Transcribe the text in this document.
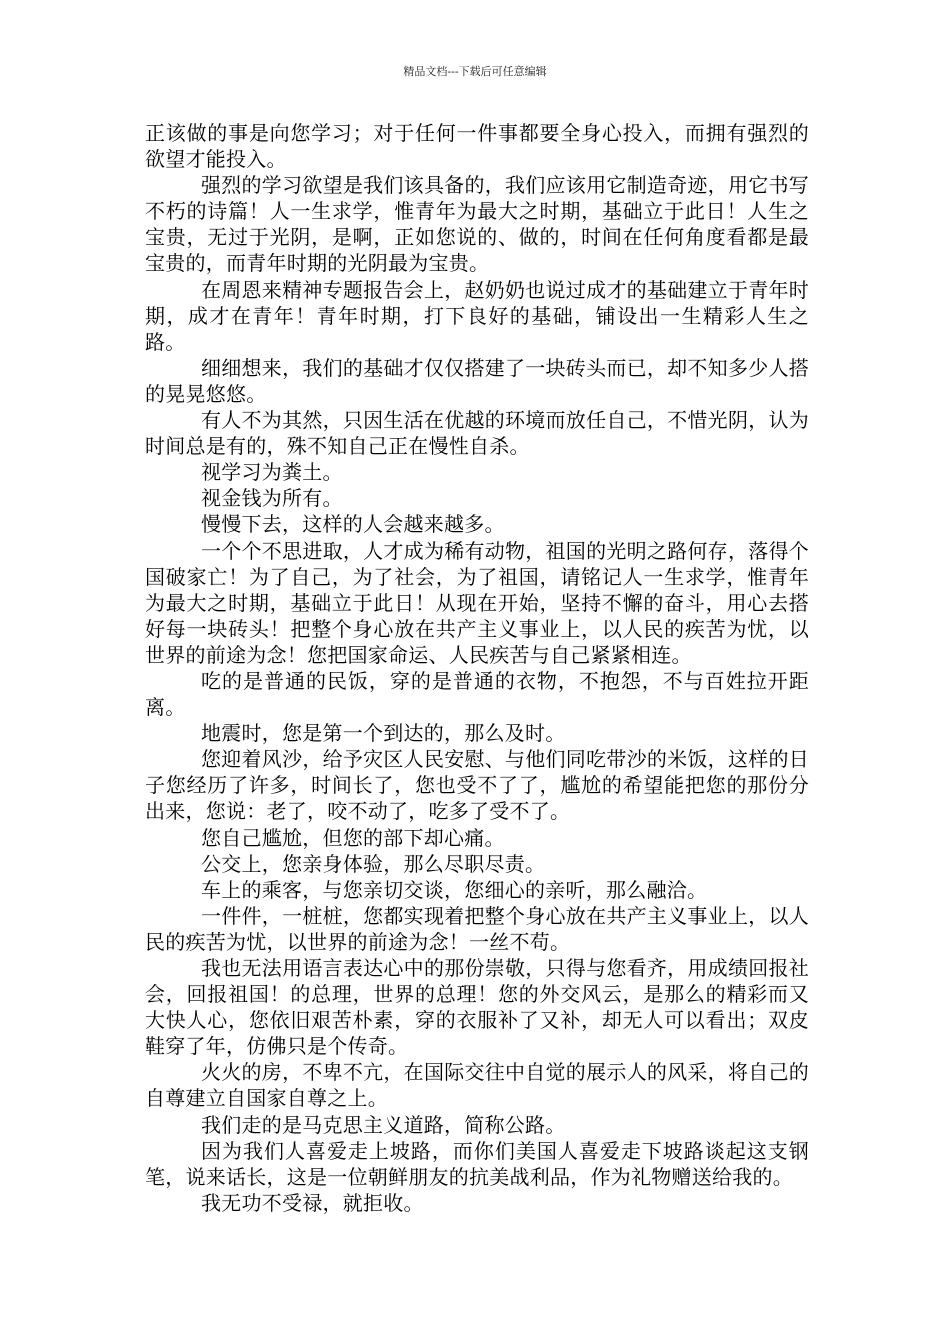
精品文档---下载后可任意编辑

正该做的事是向您学习；对于任何一件事都要全身心投入，而拥有强烈的欲望才能投入。

强烈的学习欲望是我们该具备的，我们应该用它制造奇迹，用它书写不朽的诗篇！人一生求学，惟青年为最大之时期，基础立于此日！人生之宝贵，无过于光阴，是啊，正如您说的、做的，时间在任何角度看都是最宝贵的，而青年时期的光阴最为宝贵。

在周恩来精神专题报告会上，赵奶奶也说过成才的基础建立于青年时期，成才在青年！青年时期，打下良好的基础，铺设出一生精彩人生之路。

细细想来，我们的基础才仅仅搭建了一块砖头而已，却不知多少人搭的晃晃悠悠。

有人不为其然，只因生活在优越的环境而放任自己，不惜光阴，认为时间总是有的，殊不知自己正在慢性自杀。

视学习为粪土。

视金钱为所有。

慢慢下去，这样的人会越来越多。

一个个不思进取，人才成为稀有动物，祖国的光明之路何存，落得个国破家亡！为了自己，为了社会，为了祖国，请铭记人一生求学，惟青年为最大之时期，基础立于此日！从现在开始，坚持不懈的奋斗，用心去搭好每一块砖头！把整个身心放在共产主义事业上，以人民的疾苦为忧，以世界的前途为念！您把国家命运、人民疾苦与自己紧紧相连。

吃的是普通的民饭，穿的是普通的衣物，不抱怨，不与百姓拉开距离。

地震时，您是第一个到达的，那么及时。

您迎着风沙，给予灾区人民安慰、与他们同吃带沙的米饭，这样的日子您经历了许多，时间长了，您也受不了了，尴尬的希望能把您的那份分出来，您说：老了，咬不动了，吃多了受不了。

您自己尴尬，但您的部下却心痛。

公交上，您亲身体验，那么尽职尽责。

车上的乘客，与您亲切交谈，您细心的亲听，那么融洽。

一件件，一桩桩，您都实现着把整个身心放在共产主义事业上，以人民的疾苦为忧，以世界的前途为念！一丝不苟。

我也无法用语言表达心中的那份崇敬，只得与您看齐，用成绩回报社会，回报祖国！的总理，世界的总理！您的外交风云，是那么的精彩而又大快人心，您依旧艰苦朴素，穿的衣服补了又补，却无人可以看出；双皮鞋穿了年，仿佛只是个传奇。

火火的房，不卑不亢，在国际交往中自觉的展示人的风采，将自己的自尊建立自国家自尊之上。

我们走的是马克思主义道路，简称公路。

因为我们人喜爱走上坡路，而你们美国人喜爱走下坡路谈起这支钢笔，说来话长，这是一位朝鲜朋友的抗美战利品，作为礼物赠送给我的。

我无功不受禄，就拒收。
